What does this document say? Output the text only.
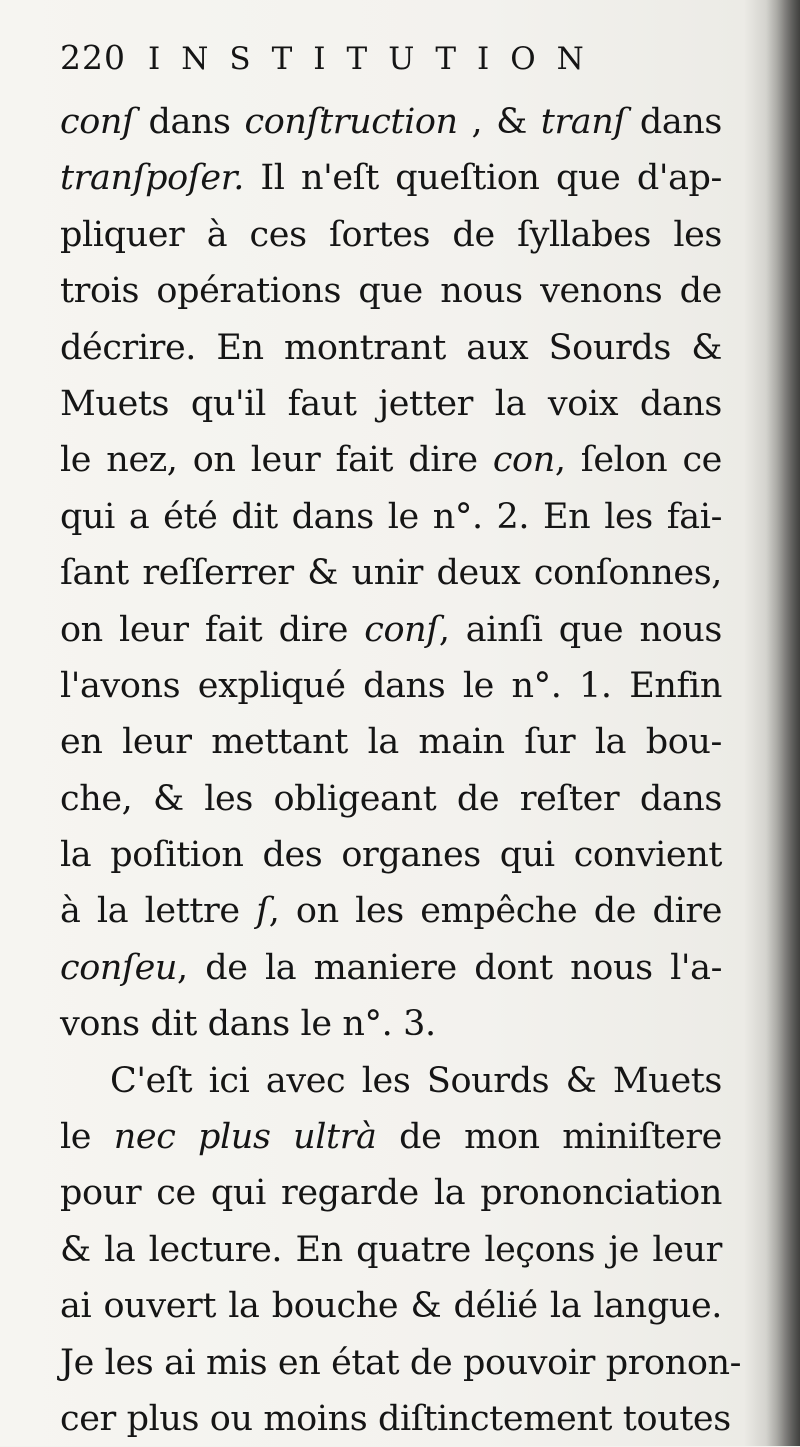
220 INSTITUTION
conſ dans conſtruction , & tranſ dans
tranſpoſer. Il n'eſt queſtion que d'ap-
pliquer à ces ſortes de ſyllabes les
trois opérations que nous venons de
décrire. En montrant aux Sourds &
Muets qu'il faut jetter la voix dans
le nez, on leur fait dire con, ſelon ce
qui a été dit dans le n°. 2. En les fai-
ſant reſſerrer & unir deux conſonnes,
on leur fait dire conſ, ainſi que nous
l'avons expliqué dans le n°. 1. Enfin
en leur mettant la main ſur la bou-
che, & les obligeant de reſter dans
la poſition des organes qui convient
à la lettre ſ, on les empêche de dire
conſeu, de la maniere dont nous l'a-
vons dit dans le n°. 3.
C'eſt ici avec les Sourds & Muets
le nec plus ultrà de mon miniſtere
pour ce qui regarde la prononciation
& la lecture. En quatre leçons je leur
ai ouvert la bouche & délié la langue.
Je les ai mis en état de pouvoir pronon-
cer plus ou moins diſtinctement toutes
